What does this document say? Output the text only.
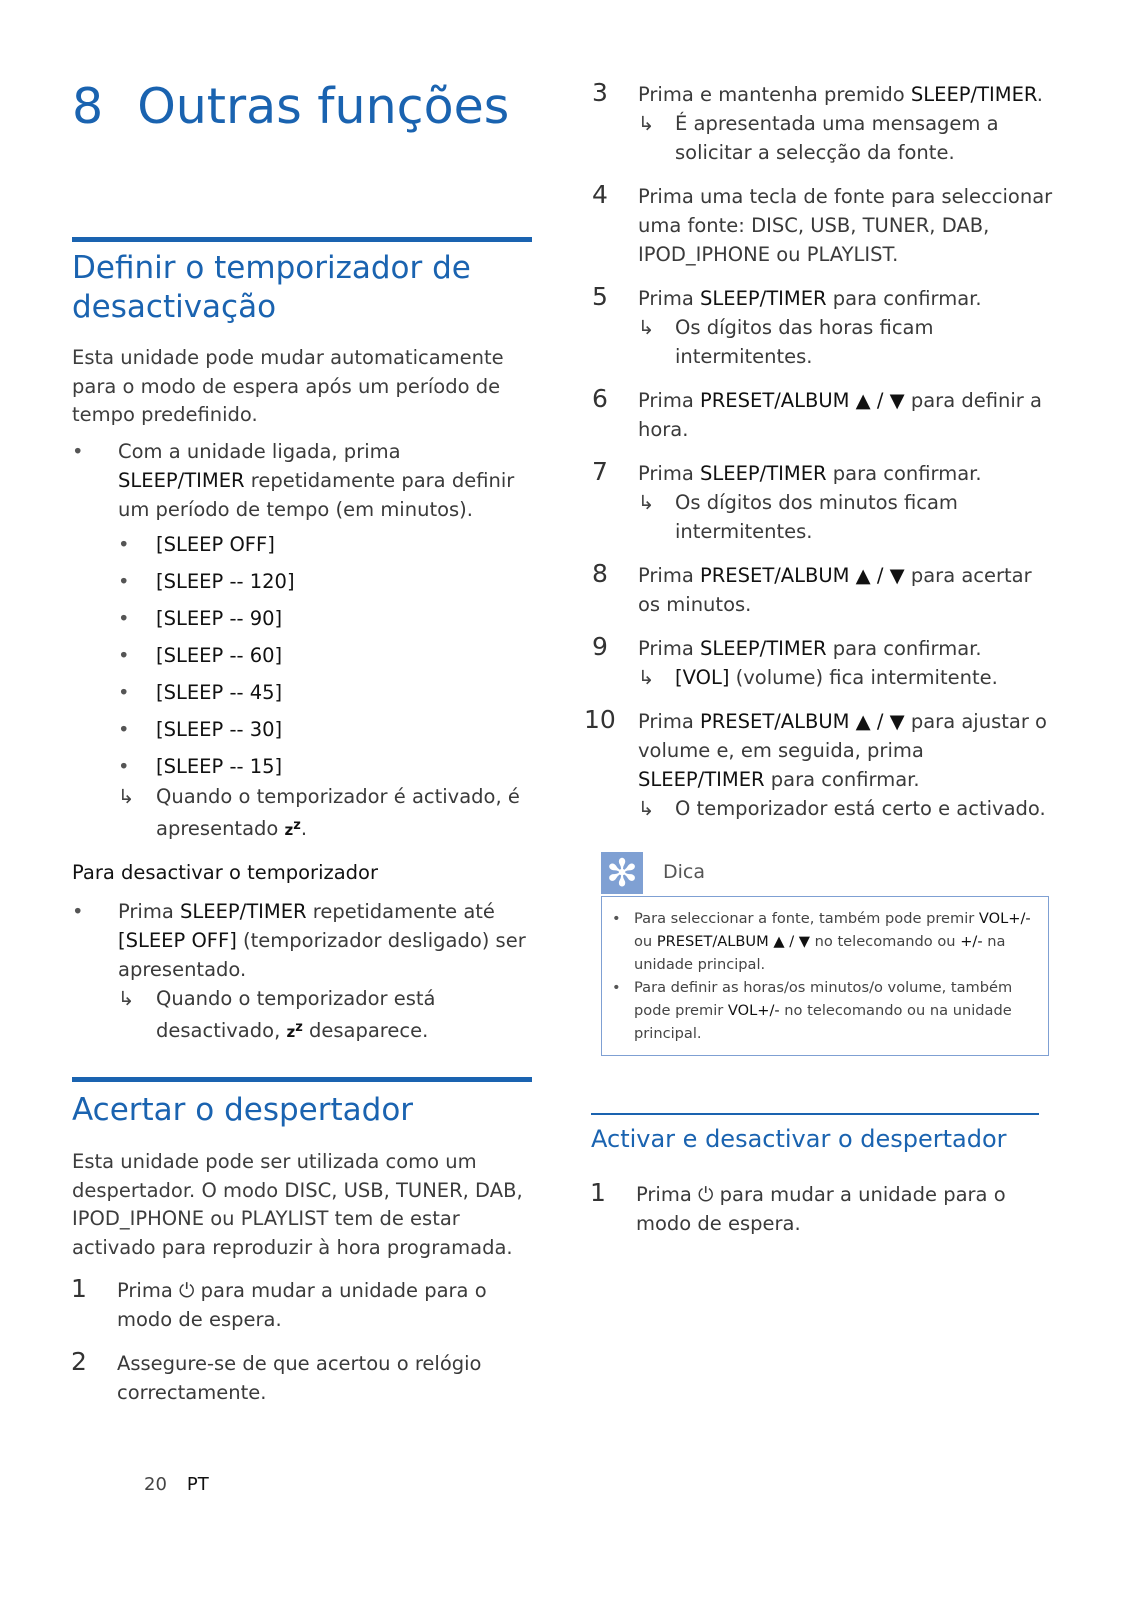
8 Outras funções
Definir o temporizador de desactivação
Esta unidade pode mudar automaticamente para o modo de espera após um período de tempo predefinido.
• Com a unidade ligada, prima SLEEP/TIMER repetidamente para definir um período de tempo (em minutos).
• [SLEEP OFF]
• [SLEEP -- 120]
• [SLEEP -- 90]
• [SLEEP -- 60]
• [SLEEP -- 45]
• [SLEEP -- 30]
• [SLEEP -- 15]
↳ Quando o temporizador é activado, é apresentado $z^z$.
Para desactivar o temporizador
• Prima SLEEP/TIMER repetidamente até [SLEEP OFF] (temporizador desligado) ser apresentado.
↳ Quando o temporizador está desactivado, $z^z$ desaparece.
Acertar o despertador
Esta unidade pode ser utilizada como um despertador. O modo DISC, USB, TUNER, DAB, IPOD_IPHONE ou PLAYLIST tem de estar activado para reproduzir à hora programada.
1 Prima ⏻ para mudar a unidade para o modo de espera.
2 Assegure-se de que acertou o relógio correctamente.
20 PT
3 Prima e mantenha premido SLEEP/TIMER.
↳ É apresentada uma mensagem a solicitar a selecção da fonte.
4 Prima uma tecla de fonte para seleccionar uma fonte: DISC, USB, TUNER, DAB, IPOD_IPHONE ou PLAYLIST.
5 Prima SLEEP/TIMER para confirmar.
↳ Os dígitos das horas ficam intermitentes.
6 Prima PRESET/ALBUM ▲ / ▼ para definir a hora.
7 Prima SLEEP/TIMER para confirmar.
↳ Os dígitos dos minutos ficam intermitentes.
8 Prima PRESET/ALBUM ▲ / ▼ para acertar os minutos.
9 Prima SLEEP/TIMER para confirmar.
↳ [VOL] (volume) fica intermitente.
10 Prima PRESET/ALBUM ▲ / ▼ para ajustar o volume e, em seguida, prima SLEEP/TIMER para confirmar.
↳ O temporizador está certo e activado.
✻ Dica
• Para seleccionar a fonte, também pode premir VOL+/- ou PRESET/ALBUM ▲ / ▼ no telecomando ou +/- na unidade principal.
• Para definir as horas/os minutos/o volume, também pode premir VOL+/- no telecomando ou na unidade principal.
Activar e desactivar o despertador
1 Prima ⏻ para mudar a unidade para o modo de espera.
